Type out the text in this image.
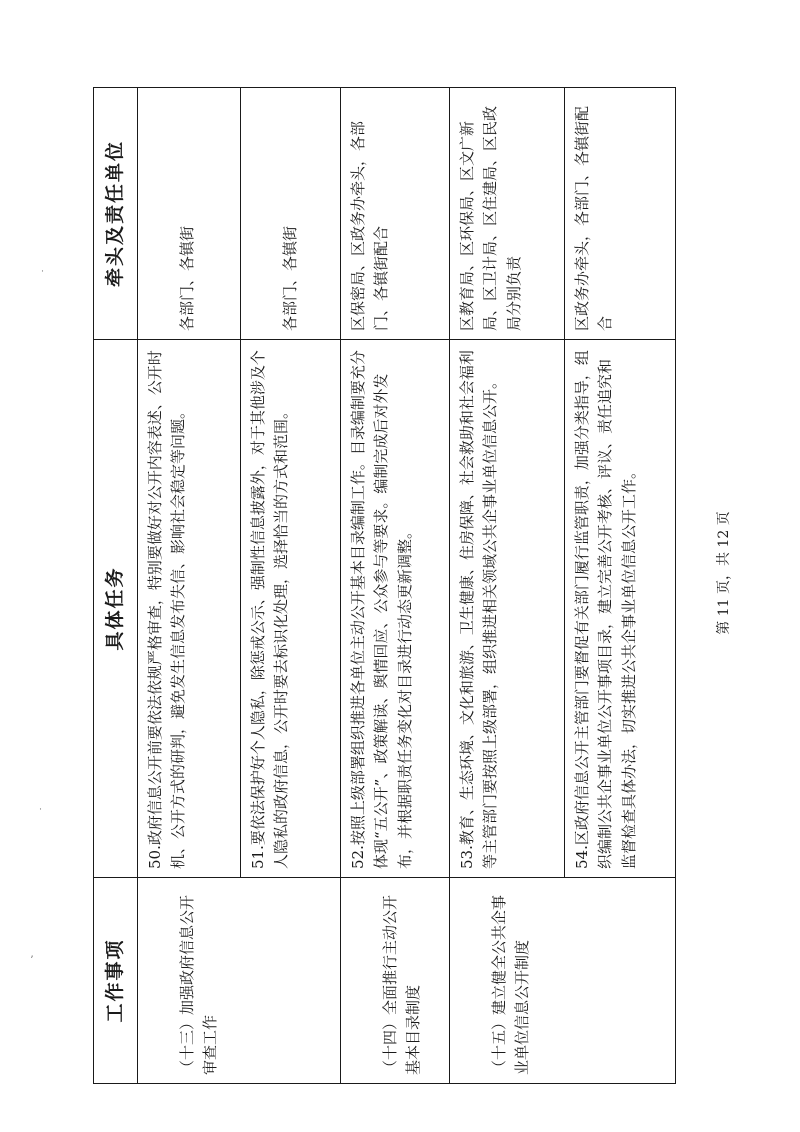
˙
˙
ʼ	工作事项	具体任务	牵头及责任单位
（十三）加强政府信息公开审查工作	50.政府信息公开前要依法依规严格审查，特别要做好对公开内容表述、公开时机、公开方式的研判，避免发生信息发布失信、影响社会稳定等问题。	各部门、各镇街
	51.要依法保护好个人隐私，除惩戒公示、强制性信息披露外，对于其他涉及个人隐私的政府信息，公开时要去标识化处理，选择恰当的方式和范围。	各部门、各镇街
（十四）全面推行主动公开基本目录制度	52.按照上级部署组织推进各单位主动公开基本目录编制工作。目录编制要充分体现“五公开”、政策解读、舆情回应、公众参与等要求。编制完成后对外发布，并根据职责任务变化对目录进行动态更新调整。	区保密局、区政务办牵头，各部门、各镇街配合
（十五）建立健全公共企事业单位信息公开制度	53.教育、生态环境、文化和旅游、卫生健康、住房保障、社会救助和社会福利等主管部门要按照上级部署，组织推进相关领域公共企事业单位信息公开。	区教育局、区环保局、区文广新局、区卫计局、区住建局、区民政局分别负责
	54.区政府信息公开主管部门要督促有关部门履行监管职责，加强分类指导，组织编制公共企事业单位公开事项目录，建立完善公开考核、评议、责任追究和监督检查具体办法，切实推进公共企事业单位信息公开工作。	区政务办牵头，各部门、各镇街配合
第 11 页，共 12 页
